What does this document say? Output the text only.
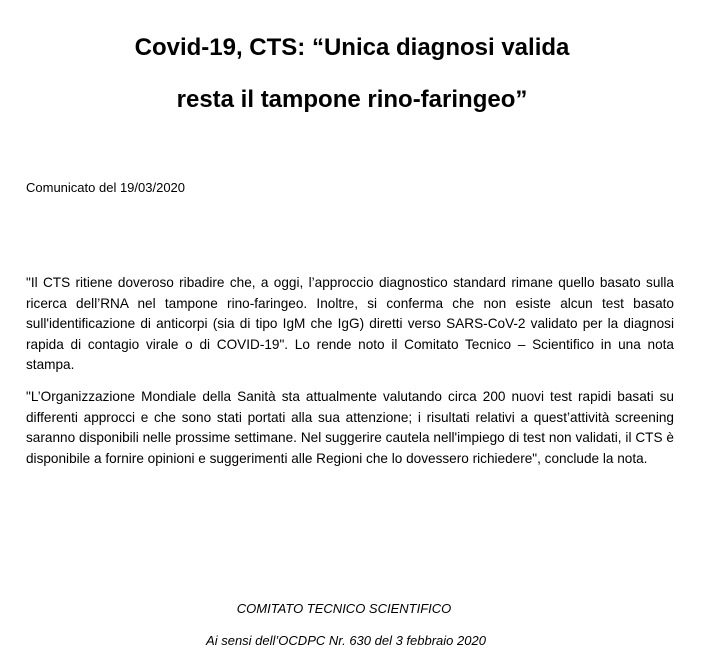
Covid-19, CTS: “Unica diagnosi valida
resta il tampone rino-faringeo”

Comunicato del 19/03/2020

"Il CTS ritiene doveroso ribadire che, a oggi, l’approccio diagnostico standard rimane quello basato sulla ricerca dell’RNA nel tampone rino-faringeo. Inoltre, si conferma che non esiste alcun test basato sull'identificazione di anticorpi (sia di tipo IgM che IgG) diretti verso SARS-CoV-2 validato per la diagnosi rapida di contagio virale o di COVID-19". Lo rende noto il Comitato Tecnico – Scientifico in una nota stampa.

"L’Organizzazione Mondiale della Sanità sta attualmente valutando circa 200 nuovi test rapidi basati su differenti approcci e che sono stati portati alla sua attenzione; i risultati relativi a quest’attività screening saranno disponibili nelle prossime settimane. Nel suggerire cautela nell'impiego di test non validati, il CTS è disponibile a fornire opinioni e suggerimenti alle Regioni che lo dovessero richiedere", conclude la nota.

COMITATO TECNICO SCIENTIFICO

Ai sensi dell’OCDPC Nr. 630 del 3 febbraio 2020
